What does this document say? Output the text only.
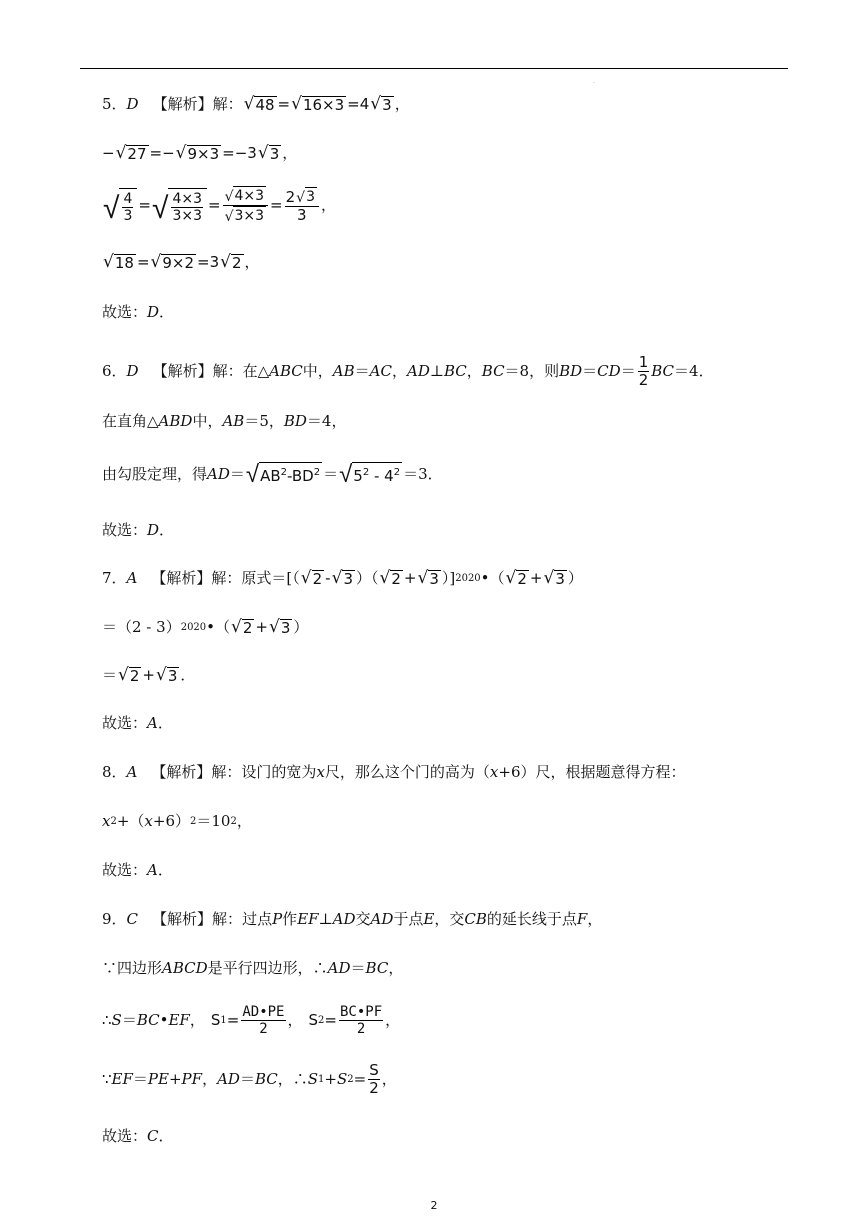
.
5． D 【解析】 解： √ 48 = √ 16×3 =4 √ 3 ，
− √ 27 =− √ 9×3 =−3 √ 3 ，
√ $\frac{4}{3}$ = √ $\frac{4\times 3}{3\times 3} = \frac{√ 4\times 3}{√ 3\times 3} = \frac{2 √ 3}{3}$ ，
√ 18 = √ 9×2 =3 √ 2 ，
故选： D ．
6． D 【解析】 解： 在△ ABC 中， AB ＝ AC ， AD ⊥ BC ， BC ＝8，则 BD ＝ CD ＝ $\frac{1}{2}$ BC ＝4．
在直角△ ABD 中， AB ＝5， BD ＝4，
由勾股定理，得 AD ＝ √ $AB^2-BD^2$ ＝ √ $5^2 - 4^2 =3$．
故选： D ．
7． A 【解析】 解： 原式＝[（ √ 2 - √ 3 ）（ √ 2 + √ 3 ）] 2020 •（ √ 2 + √ 3 ）
＝（2 - 3） 2020 •（ √ 2 + √ 3 ）
＝ √ 2 + √ 3 ．
故选： A ．
8． A 【解析】 解： 设门的宽为 x 尺，那么这个门的高为（ x +6）尺，根据题意得方程：
x 2 +（ x +6） 2 ＝10 2 ，
故选： A ．
9． C 【解析】 解： 过点 P 作 EF ⊥ AD 交 AD 于点 E ，交 CB 的延长线于点 F ，
∵四边形 ABCD 是平行四边形，∴ AD ＝ BC ，
∴ S ＝ BC • EF ， S $1 = \frac{AD•PE}{2}$ ， S $2 = \frac{BC•PF}{2}$ ，
∵ EF ＝ PE + PF ， AD ＝ BC ，∴ S 1 + S $2 = \frac{S}{2}$ ，
故选： C ．
2
